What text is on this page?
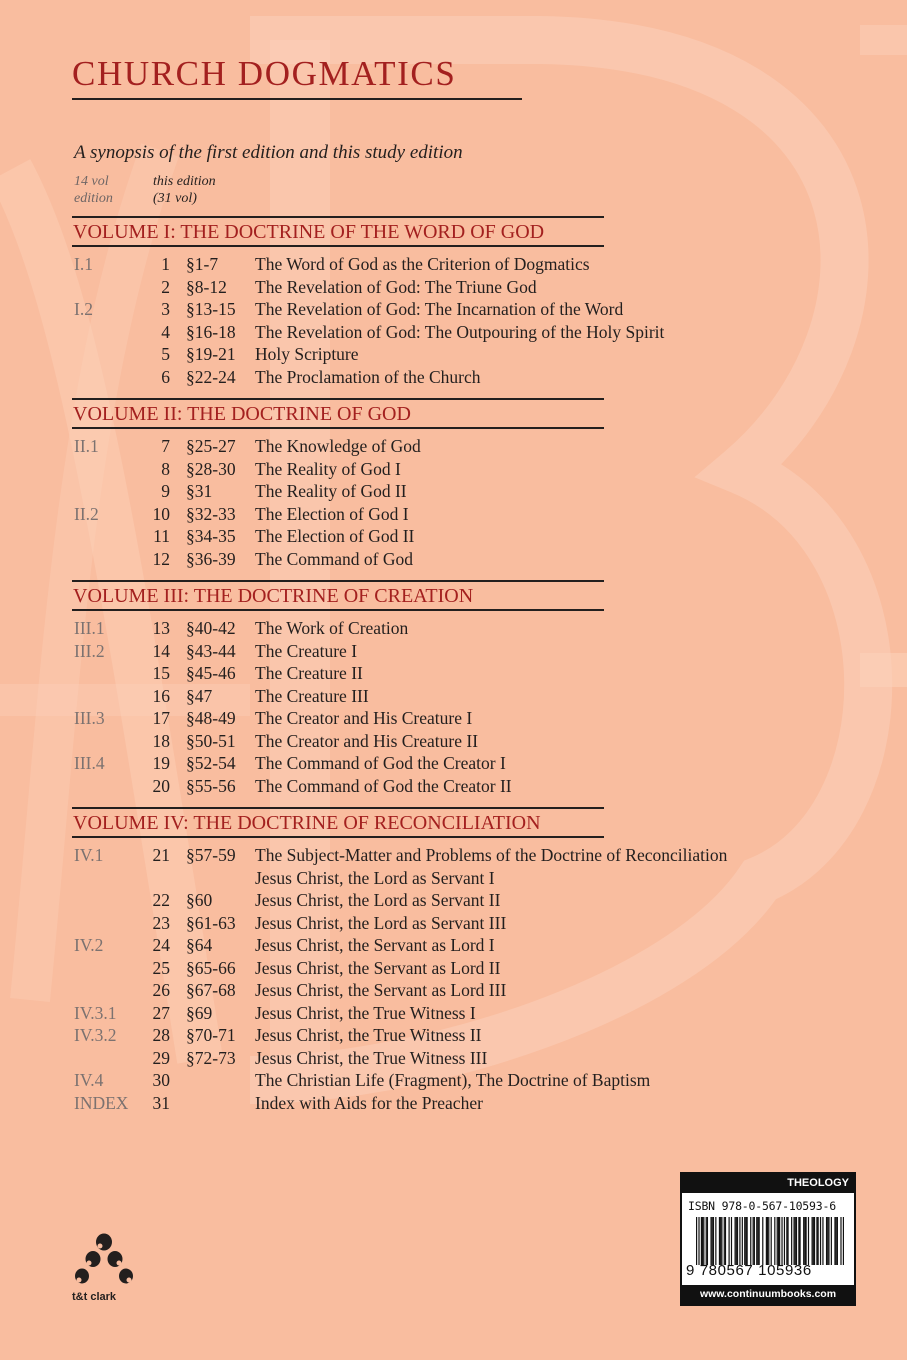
CHURCH DOGMATICS
A synopsis of the first edition and this study edition
14 vol
edition
this edition
(31 vol)
VOLUME I: THE DOCTRINE OF THE WORD OF GOD
I.1	1 §1-7 The Word of God as the Criterion of Dogmatics
2 §8-12 The Revelation of God: The Triune God
I.2	3 §13-15 The Revelation of God: The Incarnation of the Word
4 §16-18 The Revelation of God: The Outpouring of the Holy Spirit
5 §19-21 Holy Scripture
6 §22-24 The Proclamation of the Church
VOLUME II: THE DOCTRINE OF GOD
II.1	7 §25-27 The Knowledge of God
8 §28-30 The Reality of God I
9 §31 The Reality of God II
II.2	10 §32-33 The Election of God I
11 §34-35 The Election of God II
12 §36-39 The Command of God
VOLUME III: THE DOCTRINE OF CREATION
III.1	13 §40-42 The Work of Creation
III.2	14 §43-44 The Creature I
15 §45-46 The Creature II
16 §47 The Creature III
III.3	17 §48-49 The Creator and His Creature I
18 §50-51 The Creator and His Creature II
III.4	19 §52-54 The Command of God the Creator I
20 §55-56 The Command of God the Creator II
VOLUME IV: THE DOCTRINE OF RECONCILIATION
IV.1	21 §57-59 The Subject-Matter and Problems of the Doctrine of Reconciliation
Jesus Christ, the Lord as Servant I
22 §60 Jesus Christ, the Lord as Servant II
23 §61-63 Jesus Christ, the Lord as Servant III
IV.2	24 §64 Jesus Christ, the Servant as Lord I
25 §65-66 Jesus Christ, the Servant as Lord II
26 §67-68 Jesus Christ, the Servant as Lord III
IV.3.1	27 §69 Jesus Christ, the True Witness I
IV.3.2	28 §70-71 Jesus Christ, the True Witness II
29 §72-73 Jesus Christ, the True Witness III
IV.4	30	The Christian Life (Fragment), The Doctrine of Baptism
INDEX	31	Index with Aids for the Preacher
t&t clark
THEOLOGY
ISBN 978-0-567-10593-6
9 780567 105936
www.continuumbooks.com
